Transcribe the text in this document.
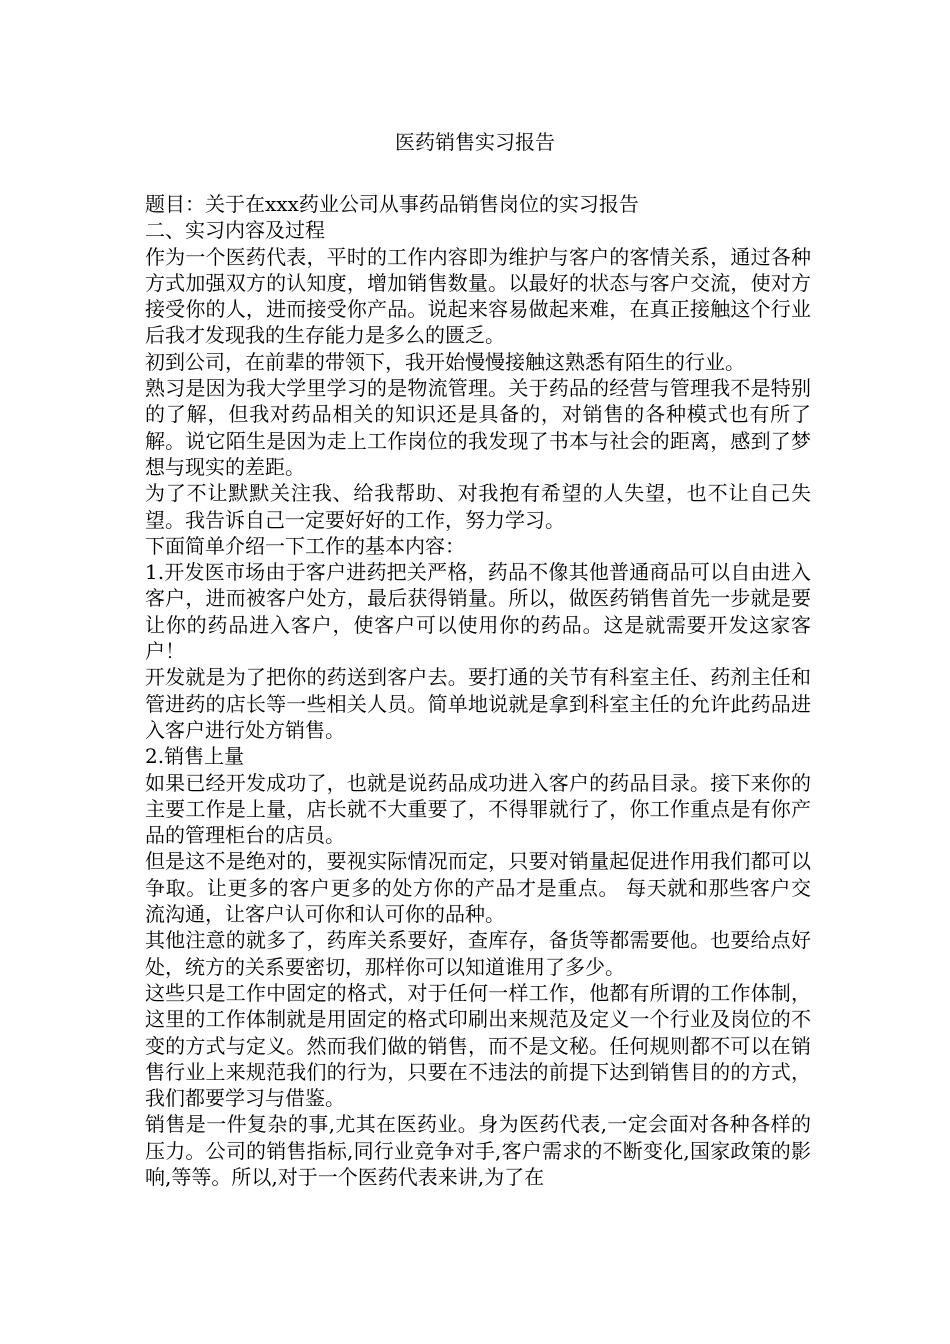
医药销售实习报告

题目：关于在xxx药业公司从事药品销售岗位的实习报告

二、实习内容及过程

作为一个医药代表，平时的工作内容即为维护与客户的客情关系，通过各种方式加强双方的认知度，增加销售数量。以最好的状态与客户交流，使对方接受你的人，进而接受你产品。说起来容易做起来难，在真正接触这个行业后我才发现我的生存能力是多么的匮乏。

初到公司，在前辈的带领下，我开始慢慢接触这熟悉有陌生的行业。

熟习是因为我大学里学习的是物流管理。关于药品的经营与管理我不是特别的了解，但我对药品相关的知识还是具备的，对销售的各种模式也有所了解。说它陌生是因为走上工作岗位的我发现了书本与社会的距离，感到了梦想与现实的差距。

为了不让默默关注我、给我帮助、对我抱有希望的人失望，也不让自己失望。我告诉自己一定要好好的工作，努力学习。

下面简单介绍一下工作的基本内容：

1.开发医市场由于客户进药把关严格，药品不像其他普通商品可以自由进入客户，进而被客户处方，最后获得销量。所以，做医药销售首先一步就是要让你的药品进入客户，使客户可以使用你的药品。这是就需要开发这家客户！

开发就是为了把你的药送到客户去。要打通的关节有科室主任、药剂主任和管进药的店长等一些相关人员。简单地说就是拿到科室主任的允许此药品进入客户进行处方销售。

2.销售上量

如果已经开发成功了，也就是说药品成功进入客户的药品目录。接下来你的主要工作是上量，店长就不大重要了，不得罪就行了，你工作重点是有你产品的管理柜台的店员。

但是这不是绝对的，要视实际情况而定，只要对销量起促进作用我们都可以争取。让更多的客户更多的处方你的产品才是重点。 每天就和那些客户交流沟通，让客户认可你和认可你的品种。

其他注意的就多了，药库关系要好，查库存，备货等都需要他。也要给点好处，统方的关系要密切，那样你可以知道谁用了多少。

这些只是工作中固定的格式，对于任何一样工作，他都有所谓的工作体制，这里的工作体制就是用固定的格式印刷出来规范及定义一个行业及岗位的不变的方式与定义。然而我们做的销售，而不是文秘。任何规则都不可以在销售行业上来规范我们的行为，只要在不违法的前提下达到销售目的的方式，我们都要学习与借鉴。

销售是一件复杂的事,尤其在医药业。身为医药代表,一定会面对各种各样的压力。公司的销售指标,同行业竞争对手,客户需求的不断变化,国家政策的影响,等等。所以,对于一个医药代表来讲,为了在
